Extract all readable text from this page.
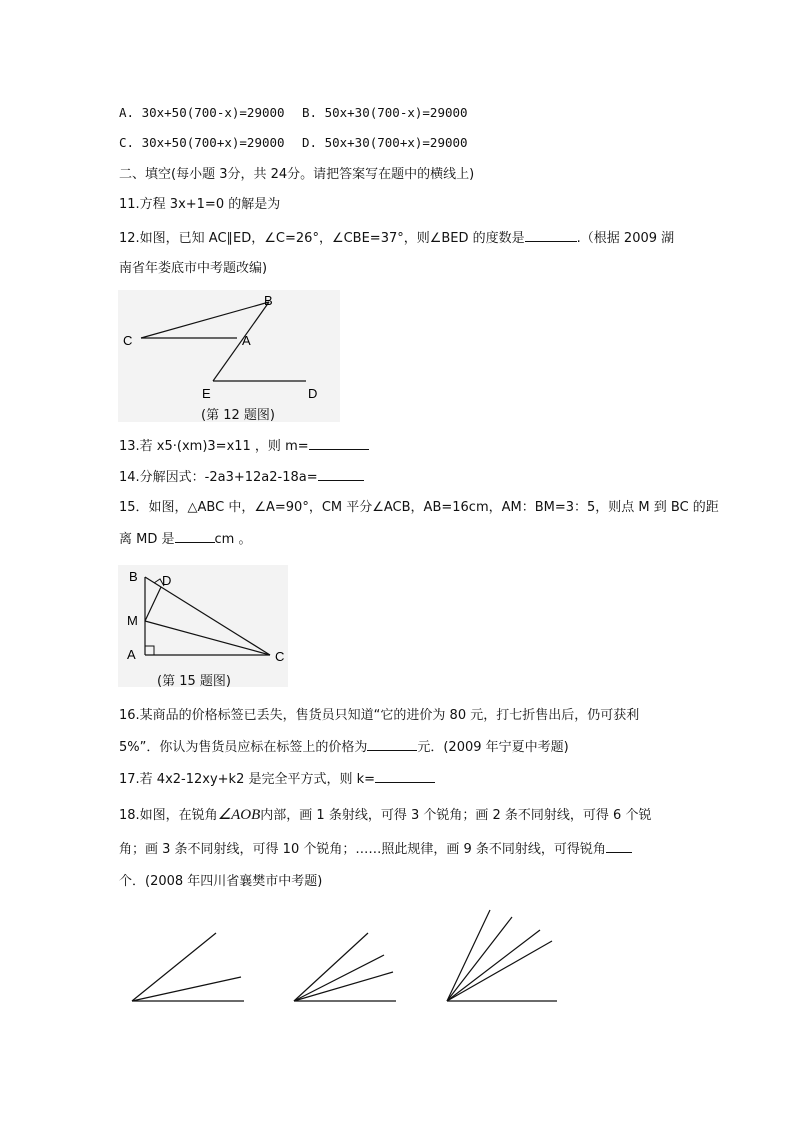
A. 30x+50(700-x)=29000 B. 50x+30(700-x)=29000
C. 30x+50(700+x)=29000 D. 50x+30(700+x)=29000
二、填空(每小题 3分，共 24分。请把答案写在题中的横线上)
11.方程 3x+1=0 的解是为
12.如图，已知 AC∥ED，∠C=26°，∠CBE=37°，则∠BED 的度数是	.（根据 2009 湖
南省年娄底市中考题改编)
C
B
A
E	D
(第 12 题图)
13.若 x5·(xm)3=x11 ，则 m=
14.分解因式：-2a3+12a2-18a=
15．如图，△ABC 中，∠A=90°，CM 平分∠ACB，AB=16cm，AM：BM=3：5，则点 M 到 BC 的距
离 MD 是	cm 。
B D
M
A	C
(第 15 题图)
16.某商品的价格标签已丢失，售货员只知道“它的进价为 80 元，打七折售出后，仍可获利
5%”．你认为售货员应标在标签上的价格为	元．(2009 年宁夏中考题)
17.若 4x2-12xy+k2 是完全平方式，则 k=
18.如图，在锐角∠AOB内部，画 1 条射线，可得 3 个锐角；画 2 条不同射线，可得 6 个锐
角；画 3 条不同射线，可得 10 个锐角；……照此规律，画 9 条不同射线，可得锐角
个．(2008 年四川省襄樊市中考题)
